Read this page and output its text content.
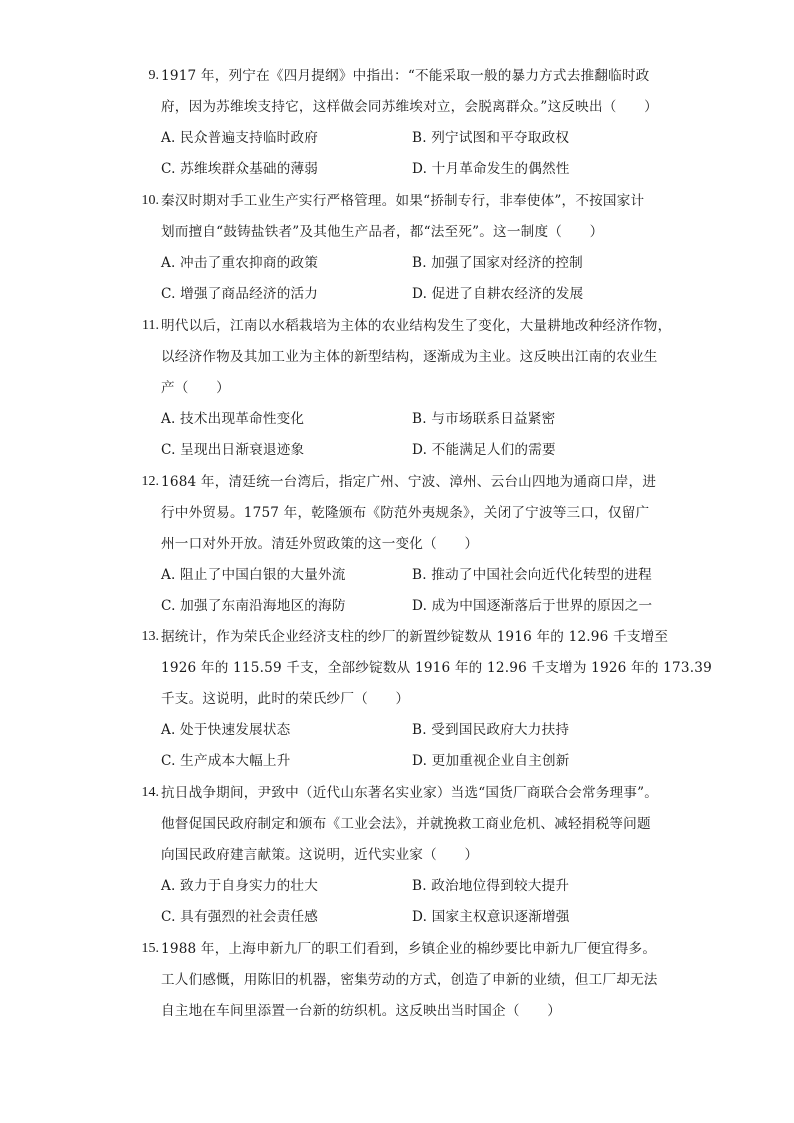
9. 1917 年，列宁在《四月提纲》中指出：“不能采取一般的暴力方式去推翻临时政
府，因为苏维埃支持它，这样做会同苏维埃对立，会脱离群众。”这反映出（　　）
A. 民众普遍支持临时政府	B. 列宁试图和平夺取政权
C. 苏维埃群众基础的薄弱	D. 十月革命发生的偶然性
10. 秦汉时期对手工业生产实行严格管理。如果“挢制专行，非奉使体”，不按国家计
划而擅自“鼓铸盐铁者”及其他生产品者，都“法至死”。这一制度（　　）
A. 冲击了重农抑商的政策	B. 加强了国家对经济的控制
C. 增强了商品经济的活力	D. 促进了自耕农经济的发展
11. 明代以后，江南以水稻栽培为主体的农业结构发生了变化，大量耕地改种经济作物，
以经济作物及其加工业为主体的新型结构，逐渐成为主业。这反映出江南的农业生
产（　　）
A. 技术出现革命性变化	B. 与市场联系日益紧密
C. 呈现出日渐衰退迹象	D. 不能满足人们的需要
12. 1684 年，清廷统一台湾后，指定广州、宁波、漳州、云台山四地为通商口岸，进
行中外贸易。1757 年，乾隆颁布《防范外夷规条》，关闭了宁波等三口，仅留广
州一口对外开放。清廷外贸政策的这一变化（　　）
A. 阻止了中国白银的大量外流	B. 推动了中国社会向近代化转型的进程
C. 加强了东南沿海地区的海防	D. 成为中国逐渐落后于世界的原因之一
13. 据统计，作为荣氏企业经济支柱的纱厂的新置纱锭数从 1916 年的 12.96 千支增至
1926 年的 115.59 千支，全部纱锭数从 1916 年的 12.96 千支增为 1926 年的 173.39
千支。这说明，此时的荣氏纱厂（　　）
A. 处于快速发展状态	B. 受到国民政府大力扶持
C. 生产成本大幅上升	D. 更加重视企业自主创新
14. 抗日战争期间，尹致中（近代山东著名实业家）当选“国货厂商联合会常务理事”。
他督促国民政府制定和颁布《工业会法》，并就挽救工商业危机、减轻捐税等问题
向国民政府建言献策。这说明，近代实业家（　　）
A. 致力于自身实力的壮大	B. 政治地位得到较大提升
C. 具有强烈的社会责任感	D. 国家主权意识逐渐增强
15. 1988 年，上海申新九厂的职工们看到，乡镇企业的棉纱要比申新九厂便宜得多。
工人们感慨，用陈旧的机器，密集劳动的方式，创造了申新的业绩，但工厂却无法
自主地在车间里添置一台新的纺织机。这反映出当时国企（　　）
